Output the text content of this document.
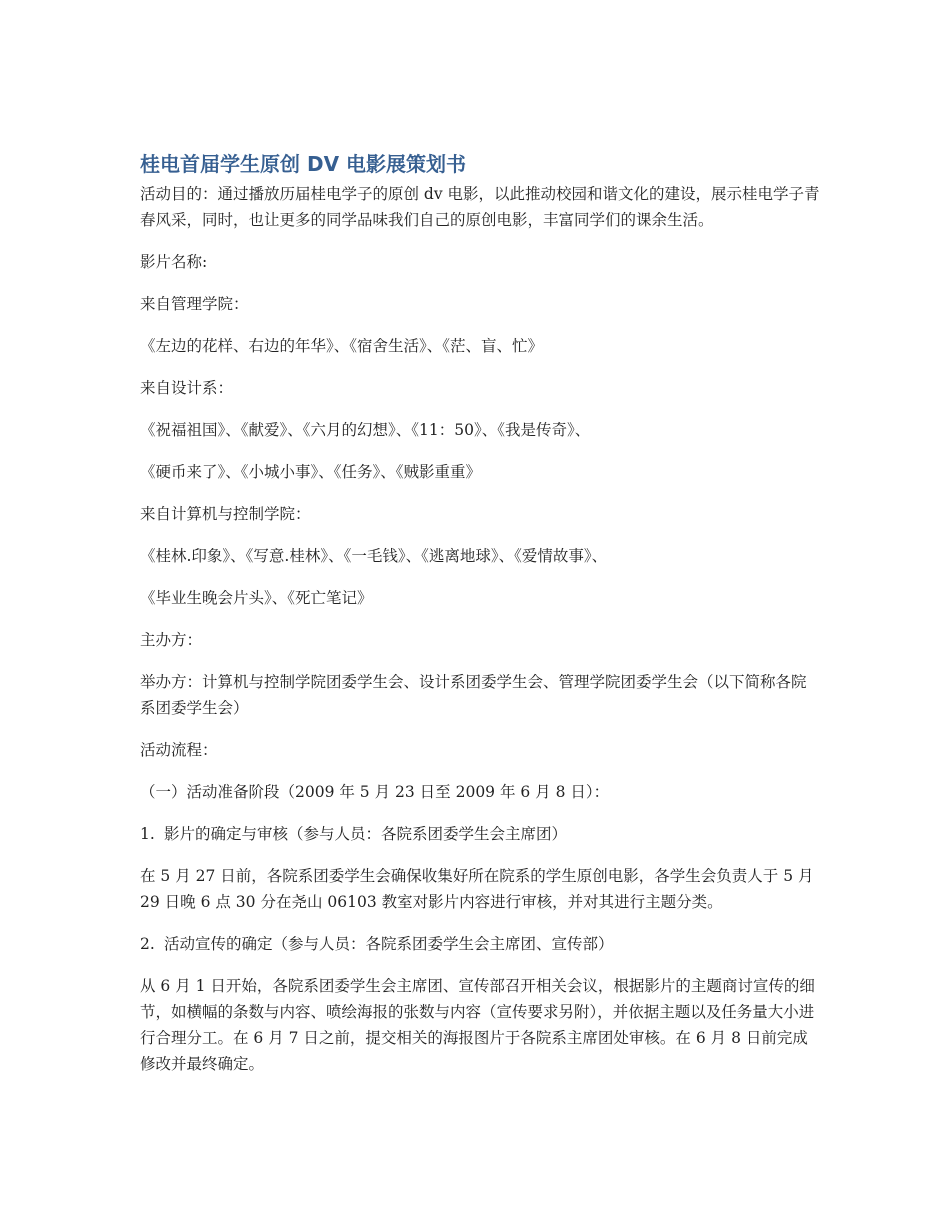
桂电首届学生原创 DV 电影展策划书
活动目的：通过播放历届桂电学子的原创 dv 电影，以此推动校园和谐文化的建设，展示桂电学子青春风采，同时，也让更多的同学品味我们自己的原创电影，丰富同学们的课余生活。
影片名称:
来自管理学院：
《左边的花样、右边的年华》、《宿舍生活》、《茫、盲、忙》
来自设计系：
《祝福祖国》、《献爱》、《六月的幻想》、《11：50》、《我是传奇》、
《硬币来了》、《小城小事》、《任务》、《贼影重重》
来自计算机与控制学院：
《桂林.印象》、《写意.桂林》、《一毛钱》、《逃离地球》、《爱情故事》、
《毕业生晚会片头》、《死亡笔记》
主办方：
举办方：计算机与控制学院团委学生会、设计系团委学生会、管理学院团委学生会（以下简称各院系团委学生会）
活动流程：
（一）活动准备阶段（2009 年 5 月 23 日至 2009 年 6 月 8 日）：
1. 影片的确定与审核（参与人员：各院系团委学生会主席团）
在 5 月 27 日前，各院系团委学生会确保收集好所在院系的学生原创电影，各学生会负责人于 5 月 29 日晚 6 点 30 分在尧山 06103 教室对影片内容进行审核，并对其进行主题分类。
2. 活动宣传的确定（参与人员：各院系团委学生会主席团、宣传部）
从 6 月 1 日开始，各院系团委学生会主席团、宣传部召开相关会议，根据影片的主题商讨宣传的细节，如横幅的条数与内容、喷绘海报的张数与内容（宣传要求另附），并依据主题以及任务量大小进行合理分工。在 6 月 7 日之前，提交相关的海报图片于各院系主席团处审核。在 6 月 8 日前完成修改并最终确定。
